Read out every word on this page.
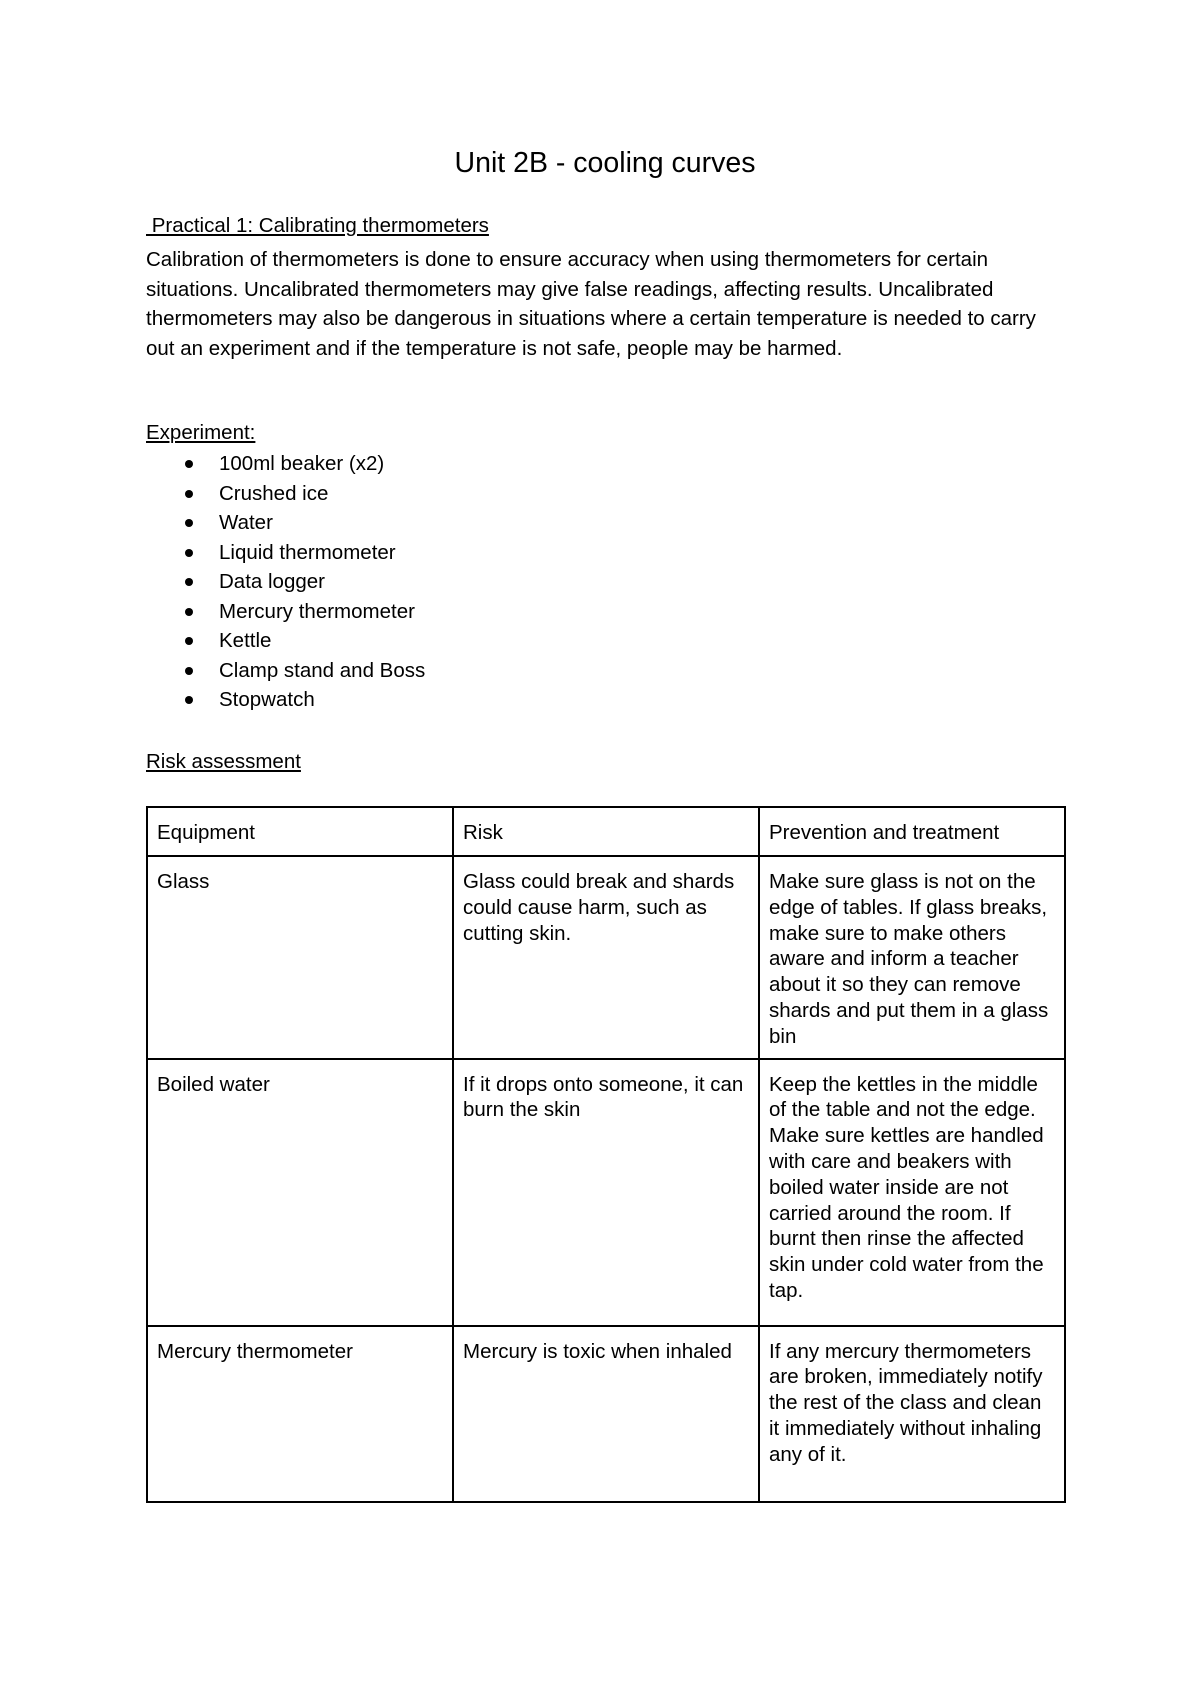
Unit 2B - cooling curves

Practical 1: Calibrating thermometers

Calibration of thermometers is done to ensure accuracy when using thermometers for certain situations. Uncalibrated thermometers may give false readings, affecting results. Uncalibrated thermometers may also be dangerous in situations where a certain temperature is needed to carry out an experiment and if the temperature is not safe, people may be harmed.

Experiment:

100ml beaker (x2)
Crushed ice
Water
Liquid thermometer
Data logger
Mercury thermometer
Kettle
Clamp stand and Boss
Stopwatch

Risk assessment

Equipment	Risk	Prevention and treatment
Glass	Glass could break and shards could cause harm, such as cutting skin.	Make sure glass is not on the edge of tables. If glass breaks, make sure to make others aware and inform a teacher about it so they can remove shards and put them in a glass bin
Boiled water	If it drops onto someone, it can burn the skin	Keep the kettles in the middle of the table and not the edge. Make sure kettles are handled with care and beakers with boiled water inside are not carried around the room. If burnt then rinse the affected skin under cold water from the tap.
Mercury thermometer	Mercury is toxic when inhaled	If any mercury thermometers are broken, immediately notify the rest of the class and clean it immediately without inhaling any of it.
